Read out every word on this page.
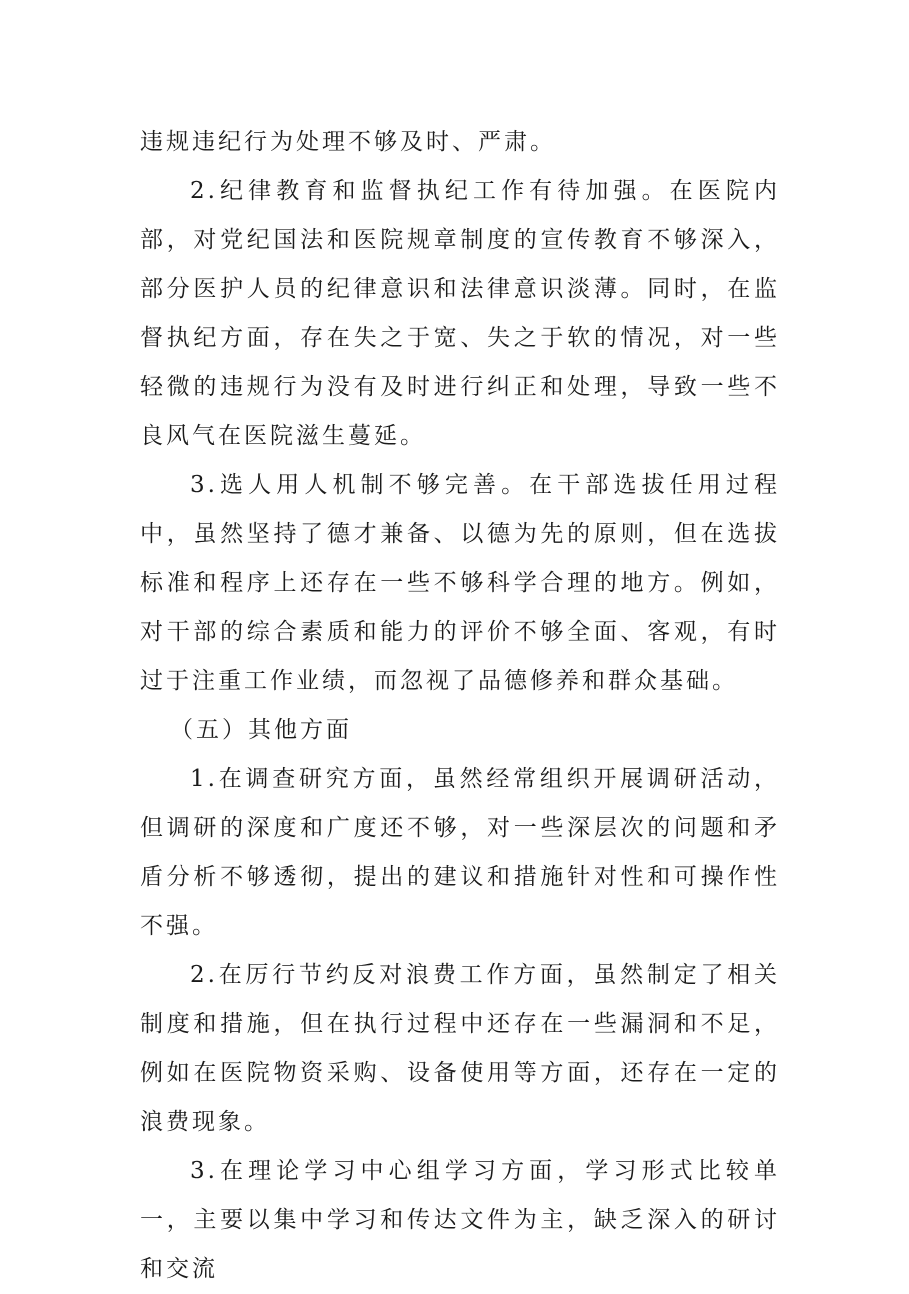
违规违纪行为处理不够及时、严肃。

2.纪律教育和监督执纪工作有待加强。在医院内部，对党纪国法和医院规章制度的宣传教育不够深入，部分医护人员的纪律意识和法律意识淡薄。同时，在监督执纪方面，存在失之于宽、失之于软的情况，对一些轻微的违规行为没有及时进行纠正和处理，导致一些不良风气在医院滋生蔓延。

3.选人用人机制不够完善。在干部选拔任用过程中，虽然坚持了德才兼备、以德为先的原则，但在选拔标准和程序上还存在一些不够科学合理的地方。例如，对干部的综合素质和能力的评价不够全面、客观，有时过于注重工作业绩，而忽视了品德修养和群众基础。

（五）其他方面

1.在调查研究方面，虽然经常组织开展调研活动，但调研的深度和广度还不够，对一些深层次的问题和矛盾分析不够透彻，提出的建议和措施针对性和可操作性不强。

2.在厉行节约反对浪费工作方面，虽然制定了相关制度和措施，但在执行过程中还存在一些漏洞和不足，例如在医院物资采购、设备使用等方面，还存在一定的浪费现象。

3.在理论学习中心组学习方面，学习形式比较单一，主要以集中学习和传达文件为主，缺乏深入的研讨和交流
